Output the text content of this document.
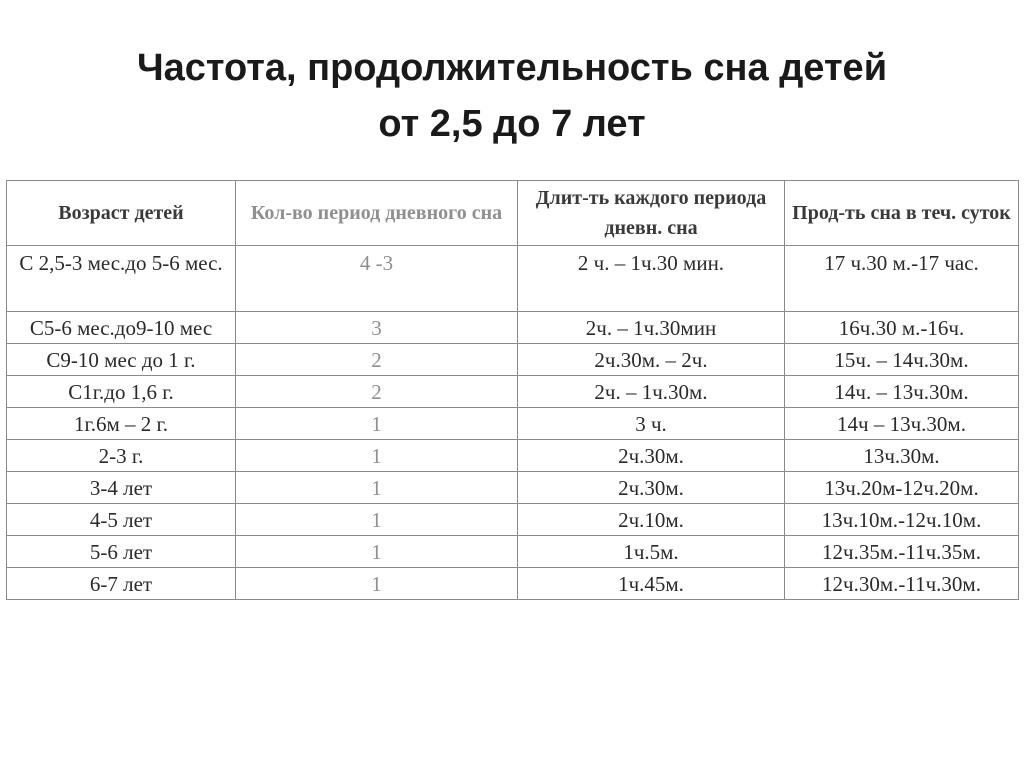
Частота, продолжительность сна детей
от 2,5 до 7 лет
Возраст детей	Кол-во период дневного сна	Длит-ть каждого периода дневн. сна	Прод-ть сна в теч. суток
С 2,5-3 мес.до 5-6 мес.	4 -3	2 ч. – 1ч.30 мин.	17 ч.30 м.-17 час.
С5-6 мес.до9-10 мес	3	2ч. – 1ч.30мин	16ч.30 м.-16ч.
С9-10 мес до 1 г.	2	2ч.30м. – 2ч.	15ч. – 14ч.30м.
С1г.до 1,6 г.	2	2ч. – 1ч.30м.	14ч. – 13ч.30м.
1г.6м – 2 г.	1	3 ч.	14ч – 13ч.30м.
2-3 г.	1	2ч.30м.	13ч.30м.
3-4 лет	1	2ч.30м.	13ч.20м-12ч.20м.
4-5 лет	1	2ч.10м.	13ч.10м.-12ч.10м.
5-6 лет	1	1ч.5м.	12ч.35м.-11ч.35м.
6-7 лет	1	1ч.45м.	12ч.30м.-11ч.30м.
